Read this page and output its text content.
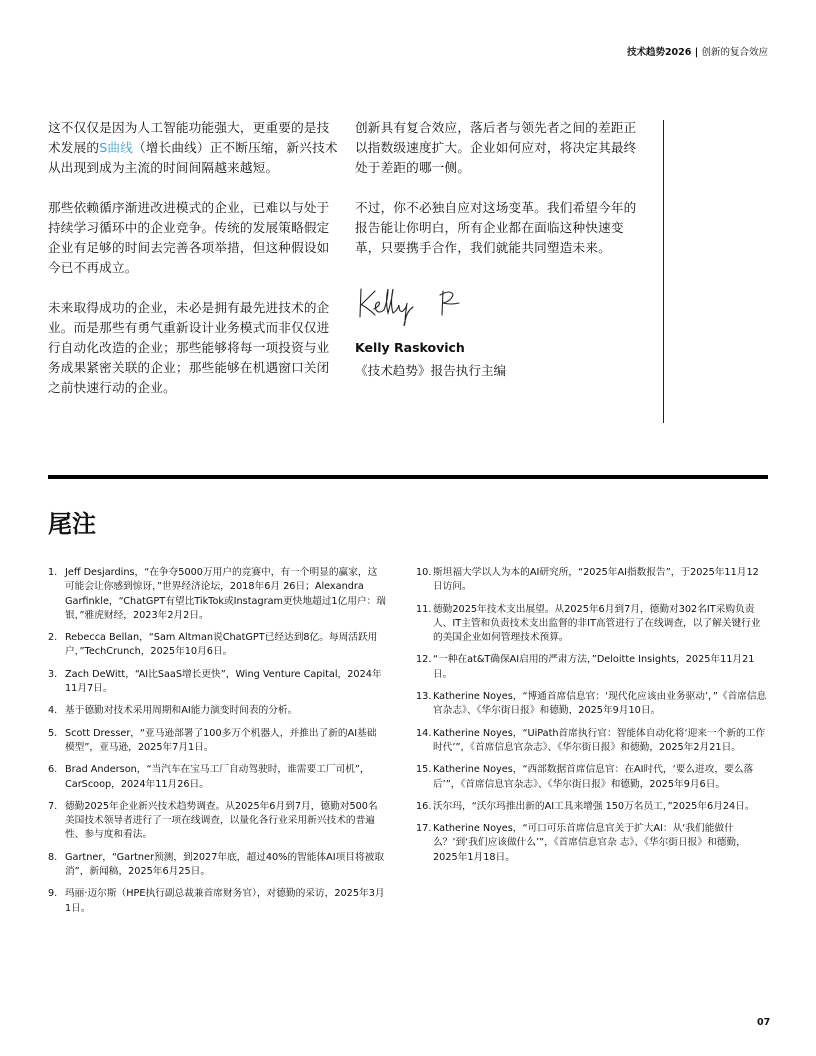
技术趋势2026 | 创新的复合效应

这不仅仅是因为人工智能功能强大，更重要的是技术发展的S曲线（增长曲线）正不断压缩，新兴技术从出现到成为主流的时间间隔越来越短。

那些依赖循序渐进改进模式的企业，已难以与处于持续学习循环中的企业竞争。传统的发展策略假定企业有足够的时间去完善各项举措，但这种假设如今已不再成立。

未来取得成功的企业，未必是拥有最先进技术的企业。而是那些有勇气重新设计业务模式而非仅仅进行自动化改造的企业；那些能够将每一项投资与业务成果紧密关联的企业；那些能够在机遇窗口关闭之前快速行动的企业。

创新具有复合效应，落后者与领先者之间的差距正以指数级速度扩大。企业如何应对，将决定其最终处于差距的哪一侧。

不过，你不必独自应对这场变革。我们希望今年的报告能让你明白，所有企业都在面临这种快速变革，只要携手合作，我们就能共同塑造未来。

Kelly Raskovich
《技术趋势》报告执行主编
尾注
1. Jeff Desjardins，“在争夺5000万用户的竞赛中，有一个明显的赢家，这可能会让你感到惊讶，”世界经济论坛，2018年6月 26日；Alexandra Garfinkle，“ChatGPT有望比TikTok或Instagram更快地超过1亿用户：瑞银，”雅虎财经，2023年2月2日。
2. Rebecca Bellan，“Sam Altman说ChatGPT已经达到8亿。每周活跃用户，”TechCrunch，2025年10月6日。
3. Zach DeWitt，“AI比SaaS增长更快”，Wing Venture Capital，2024年11月7日。
4. 基于德勤对技术采用周期和AI能力演变时间表的分析。
5. Scott Dresser，“亚马逊部署了100多万个机器人，并推出了新的AI基础模型”，亚马逊，2025年7月1日。
6. Brad Anderson，“当汽车在宝马工厂自动驾驶时，谁需要工厂司机”，CarScoop，2024年11月26日。
7. 德勤2025年企业新兴技术趋势调查。从2025年6月到7月，德勤对500名美国技术领导者进行了一项在线调查，以量化各行业采用新兴技术的普遍性、参与度和看法。
8. Gartner，“Gartner预测，到2027年底，超过40%的智能体AI项目将被取消”，新闻稿，2025年6月25日。
9. 玛丽·迈尔斯（HPE执行副总裁兼首席财务官），对德勤的采访，2025年3月1日。
10. 斯坦福大学以人为本的AI研究所，“2025年AI指数报告”，于2025年11月12日访问。
11. 德勤2025年技术支出展望。从2025年6月到7月，德勤对302名IT采购负责人、IT主管和负责技术支出监督的非IT高管进行了在线调查，以了解关键行业的美国企业如何管理技术预算。
12. “一种在at&T确保AI启用的严肃方法，”Deloitte Insights，2025年11月21日。
13. Katherine Noyes，“博通首席信息官：‘现代化应该由业务驱动’，”《首席信息官杂志》、《华尔街日报》和德勤，2025年9月10日。
14. Katherine Noyes，“UiPath首席执行官：智能体自动化将‘迎来一个新的工作时代’”，《首席信息官杂志》、《华尔街日报》和德勤，2025年2月21日。
15. Katherine Noyes，“西部数据首席信息官：在AI时代，‘要么进攻，要么落后’”，《首席信息官杂志》、《华尔街日报》和德勤，2025年9月6日。
16. 沃尔玛，“沃尔玛推出新的AI工具来增强 150万名员工，”2025年6月24日。
17. Katherine Noyes，“可口可乐首席信息官关于扩大AI：从‘我们能做什么？’到‘我们应该做什么’”，《首席信息官杂 志》、《华尔街日报》和德勤，2025年1月18日。
07
